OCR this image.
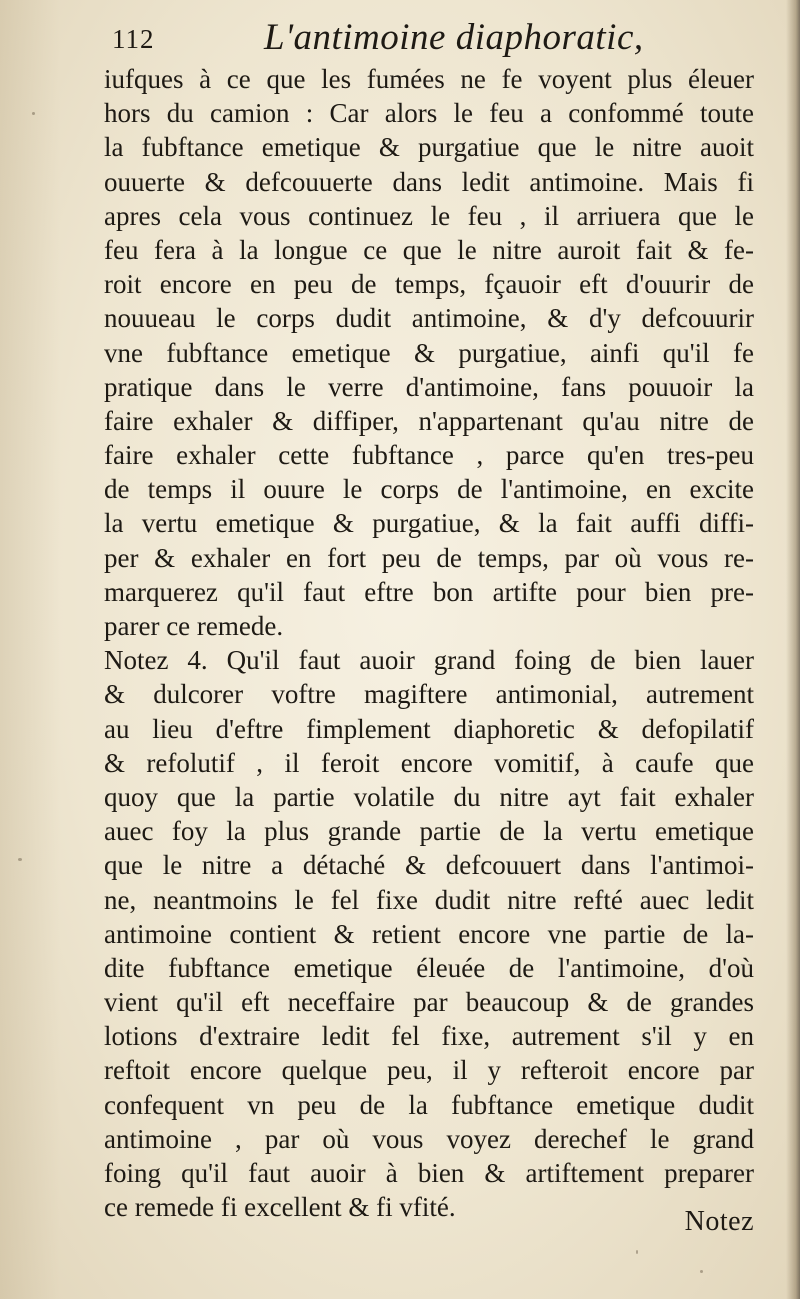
112	L'antimoine diaphoratic,
iufques à ce que les fumées ne fe voyent plus éleuer
hors du camion : Car alors le feu a confommé toute
la fubftance emetique & purgatiue que le nitre auoit
ouuerte & defcouuerte dans ledit antimoine. Mais fi
apres cela vous continuez le feu , il arriuera que le
feu fera à la longue ce que le nitre auroit fait & fe-
roit encore en peu de temps, fçauoir eft d'ouurir de
nouueau le corps dudit antimoine, & d'y defcouurir
vne fubftance emetique & purgatiue, ainfi qu'il fe
pratique dans le verre d'antimoine, fans pouuoir la
faire exhaler & diffiper, n'appartenant qu'au nitre de
faire exhaler cette fubftance , parce qu'en tres-peu
de temps il ouure le corps de l'antimoine, en excite
la vertu emetique & purgatiue, & la fait auffi diffi-
per & exhaler en fort peu de temps, par où vous re-
marquerez qu'il faut eftre bon artifte pour bien pre-
parer ce remede.
Notez 4. Qu'il faut auoir grand foing de bien lauer
& dulcorer voftre magiftere antimonial, autrement
au lieu d'eftre fimplement diaphoretic & defopilatif
& refolutif , il feroit encore vomitif, à caufe que
quoy que la partie volatile du nitre ayt fait exhaler
auec foy la plus grande partie de la vertu emetique
que le nitre a détaché & defcouuert dans l'antimoi-
ne, neantmoins le fel fixe dudit nitre refté auec ledit
antimoine contient & retient encore vne partie de la-
dite fubftance emetique éleuée de l'antimoine, d'où
vient qu'il eft neceffaire par beaucoup & de grandes
lotions d'extraire ledit fel fixe, autrement s'il y en
reftoit encore quelque peu, il y refteroit encore par
confequent vn peu de la fubftance emetique dudit
antimoine , par où vous voyez derechef le grand
foing qu'il faut auoir à bien & artiftement preparer
ce remede fi excellent & fi vfité.	Notez
